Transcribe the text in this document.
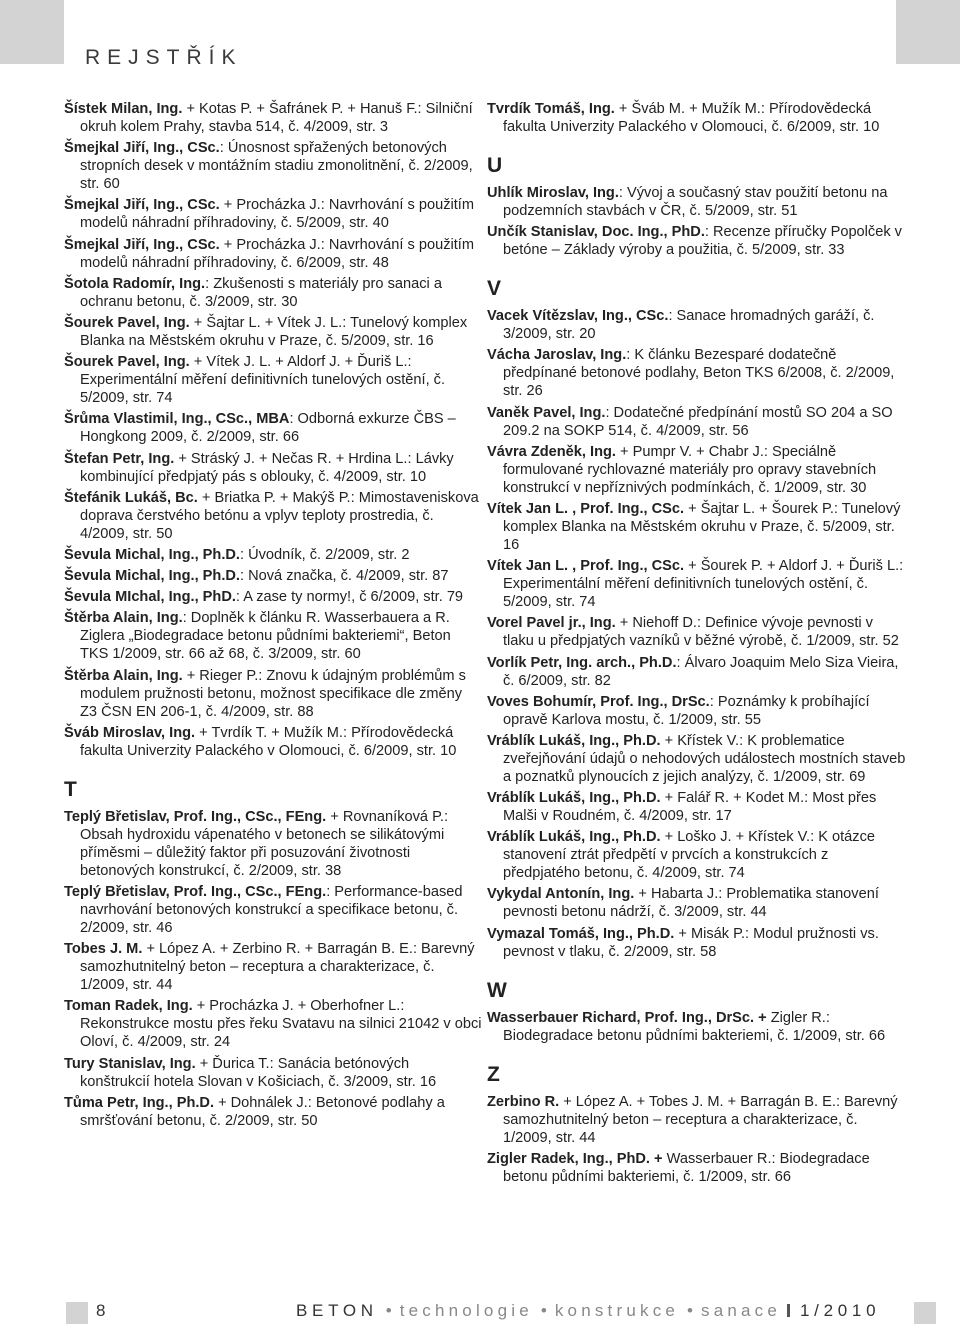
REJSTŘÍK
Šístek Milan, Ing. + Kotas P. + Šafránek P. + Hanuš F.: Silniční okruh kolem Prahy, stavba 514, č. 4/2009, str. 3
Šmejkal Jiří, Ing., CSc.: Únosnost spřažených betonových stropních desek v montážním stadiu zmonolitnění, č. 2/2009, str. 60
Šmejkal Jiří, Ing., CSc. + Procházka J.: Navrhování s použitím modelů náhradní příhradoviny, č. 5/2009, str. 40
Šmejkal Jiří, Ing., CSc. + Procházka J.: Navrhování s použitím modelů náhradní příhradoviny, č. 6/2009, str. 48
Šotola Radomír, Ing.: Zkušenosti s materiály pro sanaci a ochranu betonu, č. 3/2009, str. 30
Šourek Pavel, Ing. + Šajtar L. + Vítek J. L.: Tunelový komplex Blanka na Městském okruhu v Praze, č. 5/2009, str. 16
Šourek Pavel, Ing. + Vítek J. L. + Aldorf J. + Ďuriš L.: Experimentální měření definitivních tunelových ostění, č. 5/2009, str. 74
Šrůma Vlastimil, Ing., CSc., MBA: Odborná exkurze ČBS – Hongkong 2009, č. 2/2009, str. 66
Štefan Petr, Ing. + Stráský J. + Nečas R. + Hrdina L.: Lávky kombinující předpjatý pás s oblouky, č. 4/2009, str. 10
Štefánik Lukáš, Bc. + Briatka P. + Makýš P.: Mimostaveniskova doprava čerstvého betónu a vplyv teploty prostredia, č. 4/2009, str. 50
Ševula Michal, Ing., Ph.D.: Úvodník, č. 2/2009, str. 2
Ševula Michal, Ing., Ph.D.: Nová značka, č. 4/2009, str. 87
Ševula MIchal, Ing., PhD.: A zase ty normy!, č 6/2009, str. 79
Štěrba Alain, Ing.: Doplněk k článku R. Wasserbauera a R. Ziglera „Biodegradace betonu půdními bakteriemi“, Beton TKS 1/2009, str. 66 až 68, č. 3/2009, str. 60
Štěrba Alain, Ing. + Rieger P.: Znovu k údajným problémům s modulem pružnosti betonu, možnost specifikace dle změny Z3 ČSN EN 206-1, č. 4/2009, str. 88
Šváb Miroslav, Ing. + Tvrdík T. + Mužík M.: Přírodovědecká fakulta Univerzity Palackého v Olomouci, č. 6/2009, str. 10
T
Teplý Břetislav, Prof. Ing., CSc., FEng. + Rovnaníková P.: Obsah hydroxidu vápenatého v betonech se silikátovými příměsmi – důležitý faktor při posuzování životnosti betonových konstrukcí, č. 2/2009, str. 38
Teplý Břetislav, Prof. Ing., CSc., FEng.: Performance-based navrhování betonových konstrukcí a specifikace betonu, č. 2/2009, str. 46
Tobes J. M. + López A. + Zerbino R. + Barragán B. E.: Barevný samozhutnitelný beton – receptura a charakterizace, č. 1/2009, str. 44
Toman Radek, Ing. + Procházka J. + Oberhofner L.: Rekonstrukce mostu přes řeku Svatavu na silnici 21042 v obci Oloví, č. 4/2009, str. 24
Tury Stanislav, Ing. + Ďurica T.: Sanácia betónových konštrukcií hotela Slovan v Košiciach, č. 3/2009, str. 16
Tůma Petr, Ing., Ph.D. + Dohnálek J.: Betonové podlahy a smršťování betonu, č. 2/2009, str. 50
Tvrdík Tomáš, Ing. + Šváb M. + Mužík M.: Přírodovědecká fakulta Univerzity Palackého v Olomouci, č. 6/2009, str. 10
U
Uhlík Miroslav, Ing.: Vývoj a současný stav použití betonu na podzemních stavbách v ČR, č. 5/2009, str. 51
Unčík Stanislav, Doc. Ing., PhD.: Recenze příručky Popolček v betóne – Základy výroby a použitia, č. 5/2009, str. 33
V
Vacek Vítězslav, Ing., CSc.: Sanace hromadných garáží, č. 3/2009, str. 20
Vácha Jaroslav, Ing.: K článku Bezesparé dodatečně předpínané betonové podlahy, Beton TKS 6/2008, č. 2/2009, str. 26
Vaněk Pavel, Ing.: Dodatečné předpínání mostů SO 204 a SO 209.2 na SOKP 514, č. 4/2009, str. 56
Vávra Zdeněk, Ing. + Pumpr V. + Chabr J.: Speciálně formulované rychlovazné materiály pro opravy stavebních konstrukcí v nepříznivých podmínkách, č. 1/2009, str. 30
Vítek Jan L. , Prof. Ing., CSc. + Šajtar L. + Šourek P.: Tunelový komplex Blanka na Městském okruhu v Praze, č. 5/2009, str. 16
Vítek Jan L. , Prof. Ing., CSc. + Šourek P. + Aldorf J. + Ďuriš L.: Experimentální měření definitivních tunelových ostění, č. 5/2009, str. 74
Vorel Pavel jr., Ing. + Niehoff D.: Definice vývoje pevnosti v tlaku u předpjatých vazníků v běžné výrobě, č. 1/2009, str. 52
Vorlík Petr, Ing. arch., Ph.D.: Álvaro Joaquim Melo Siza Vieira, č. 6/2009, str. 82
Voves Bohumír, Prof. Ing., DrSc.: Poznámky k probíhající opravě Karlova mostu, č. 1/2009, str. 55
Vráblík Lukáš, Ing., Ph.D. + Křístek V.: K problematice zveřejňování údajů o nehodových událostech mostních staveb a poznatků plynoucích z jejich analýzy, č. 1/2009, str. 69
Vráblík Lukáš, Ing., Ph.D. + Falář R. + Kodet M.: Most přes Malši v Roudném, č. 4/2009, str. 17
Vráblík Lukáš, Ing., Ph.D. + Loško J. + Křístek V.: K otázce stanovení ztrát předpětí v prvcích a konstrukcích z předpjatého betonu, č. 4/2009, str. 74
Vykydal Antonín, Ing. + Habarta J.: Problematika stanovení pevnosti betonu nádrží, č. 3/2009, str. 44
Vymazal Tomáš, Ing., Ph.D. + Misák P.: Modul pružnosti vs. pevnost v tlaku, č. 2/2009, str. 58
W
Wasserbauer Richard, Prof. Ing., DrSc. + Zigler R.: Biodegradace betonu půdními bakteriemi, č. 1/2009, str. 66
Z
Zerbino R. + López A. + Tobes J. M. + Barragán B. E.: Barevný samozhutnitelný beton – receptura a charakterizace, č. 1/2009, str. 44
Zigler Radek, Ing., PhD. + Wasserbauer R.: Biodegradace betonu půdními bakteriemi, č. 1/2009, str. 66
8	BETON • technologie • konstrukce • sanace 1/2010
